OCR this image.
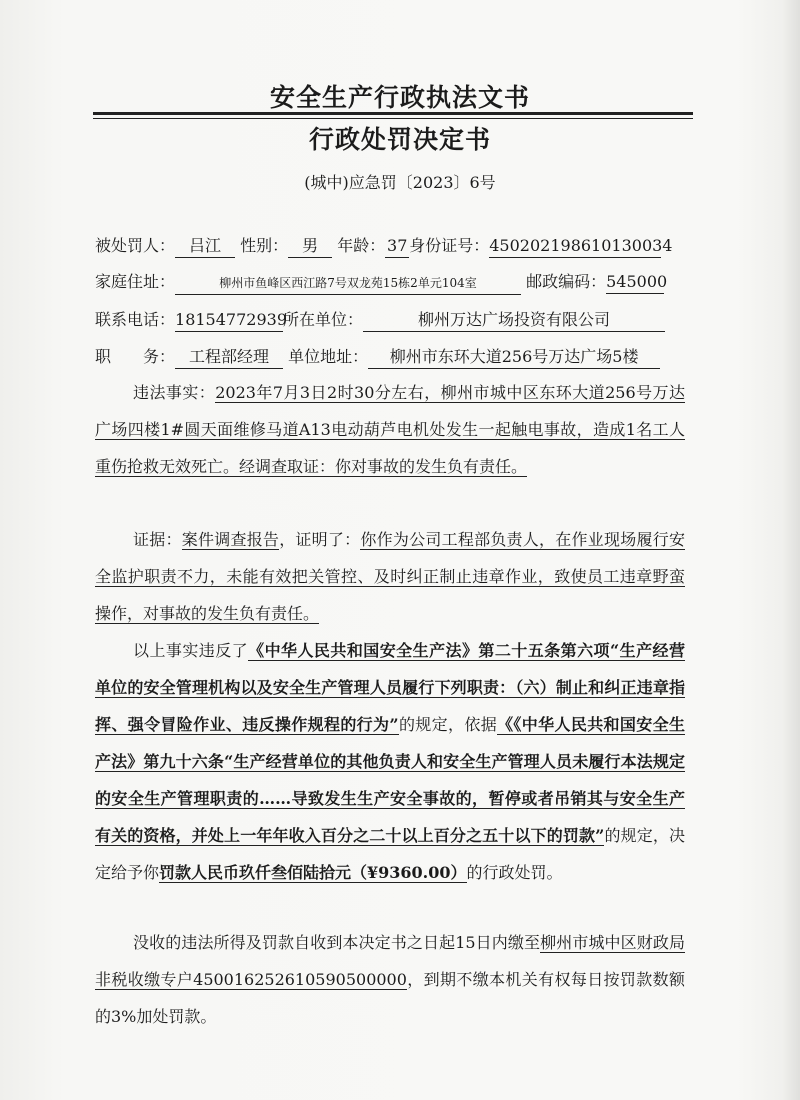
安全生产行政执法文书
行政处罚决定书
(城中)应急罚〔2023〕6号
被处罚人： 吕江 性别： 男 年龄： 37 身份证号：450202198610130034
家庭住址：	柳州市鱼峰区西江路7号双龙苑15栋2单元104室	邮政编码：545000
联系电话：18154772939所在单位：	柳州万达广场投资有限公司
职　　务： 工程部经理 单位地址： 柳州市东环大道256号万达广场5楼
违法事实：2023年7月3日2时30分左右，柳州市城中区东环大道256号万达广场四楼1#圆天面维修马道A13电动葫芦电机处发生一起触电事故，造成1名工人重伤抢救无效死亡。经调查取证：你对事故的发生负有责任。
证据：案件调查报告，证明了：你作为公司工程部负责人，在作业现场履行安全监护职责不力，未能有效把关管控、及时纠正制止违章作业，致使员工违章野蛮操作，对事故的发生负有责任。
以上事实违反了《中华人民共和国安全生产法》第二十五条第六项“生产经营单位的安全管理机构以及安全生产管理人员履行下列职责：（六）制止和纠正违章指挥、强令冒险作业、违反操作规程的行为”的规定，依据《《中华人民共和国安全生产法》第九十六条“生产经营单位的其他负责人和安全生产管理人员未履行本法规定的安全生产管理职责的……导致发生生产安全事故的，暂停或者吊销其与安全生产有关的资格，并处上一年年收入百分之二十以上百分之五十以下的罚款”的规定，决定给予你罚款人民币玖仟叁佰陆拾元（¥9360.00）的行政处罚。
没收的违法所得及罚款自收到本决定书之日起15日内缴至柳州市城中区财政局非税收缴专户450016252610590500000，到期不缴本机关有权每日按罚款数额的3%加处罚款。
